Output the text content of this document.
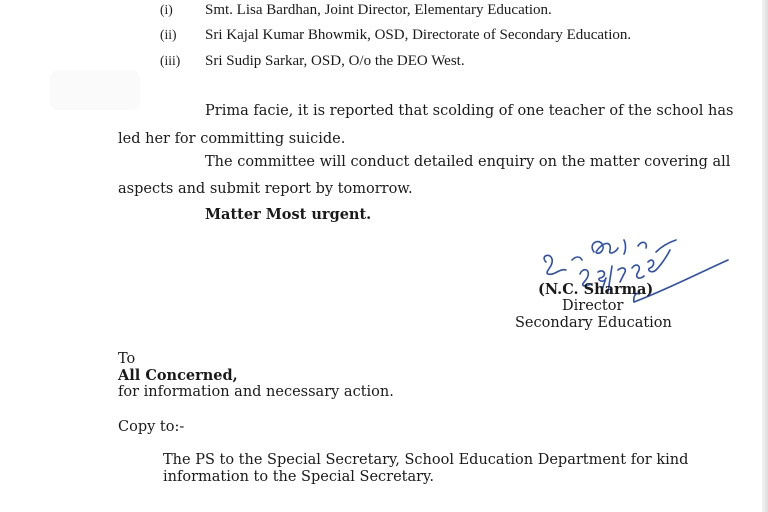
(i) Smt. Lisa Bardhan, Joint Director, Elementary Education.
(ii) Sri Kajal Kumar Bhowmik, OSD, Directorate of Secondary Education.
(iii) Sri Sudip Sarkar, OSD, O/o the DEO West.
Prima facie, it is reported that scolding of one teacher of the school has
led her for committing suicide.
The committee will conduct detailed enquiry on the matter covering all
aspects and submit report by tomorrow.
Matter Most urgent.
(N.C. Sharma)
Director
Secondary Education
To
All Concerned,
for information and necessary action.
Copy to:-
The PS to the Special Secretary, School Education Department for kind
information to the Special Secretary.
